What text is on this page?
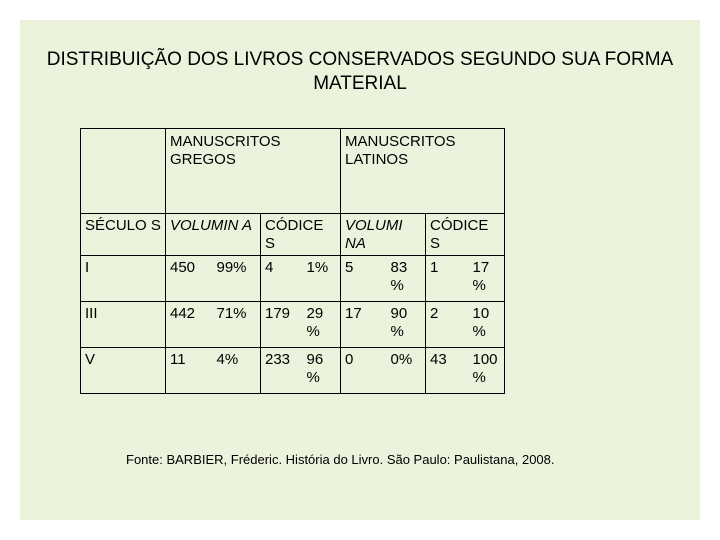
DISTRIBUIÇÃO DOS LIVROS CONSERVADOS SEGUNDO SUA FORMA MATERIAL
	MANUSCRITOS GREGOS				MANUSCRITOS LATINOS			
SÉCULO S	VOLUMIN A		CÓDICE S		VOLUMI NA		CÓDICE S	
I	450	99%	4	1%	5	83 %	1	17 %
III	442	71%	179	29 %	17	90 %	2	10 %
V	11	4%	233	96 %	0	0%	43	100 %
Fonte: BARBIER, Fréderic. História do Livro. São Paulo: Paulistana, 2008.
